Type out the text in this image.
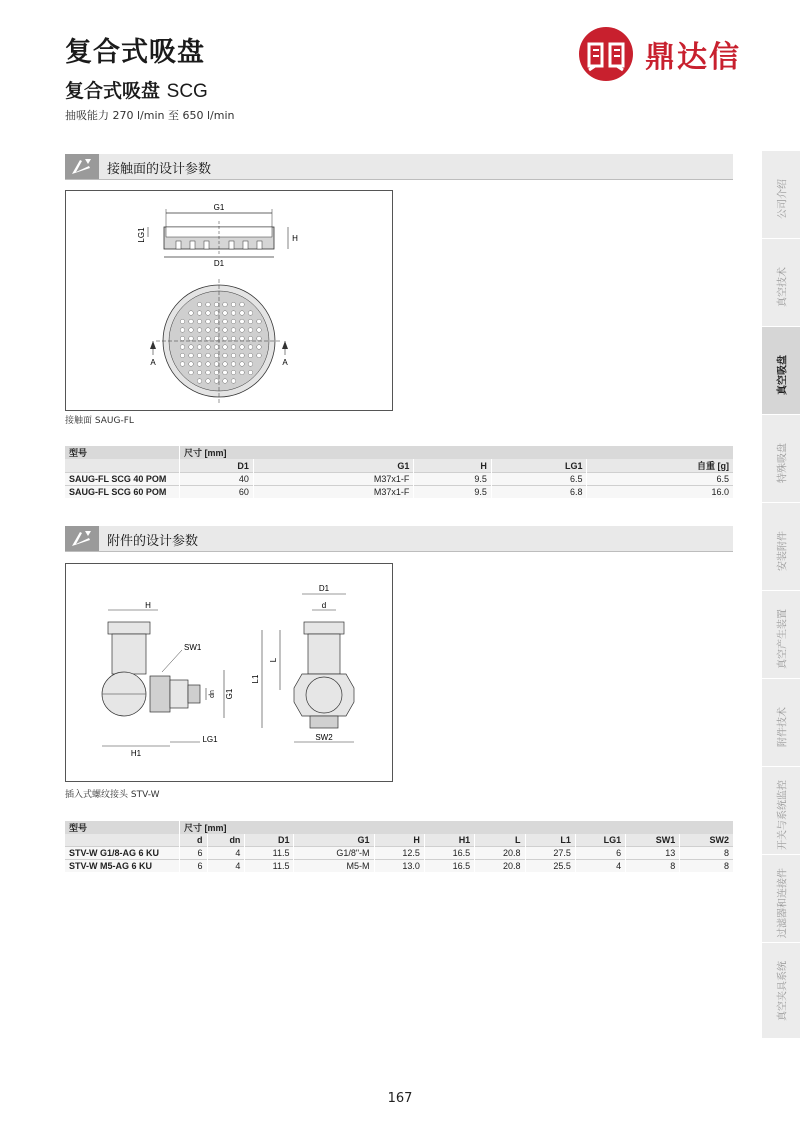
复合式吸盘
复合式吸盘 SCG
抽吸能力 270 l/min 至 650 l/min
鼎达信
接触面的设计参数
G1
LG1	H
D1
A	A
接触面 SAUG-FL
型号	尺寸 [mm]				
	D1	G1	H	LG1	自重 [g]
SAUG-FL SCG 40 POM	40	M37x1-F	9.5	6.5	6.5
SAUG-FL SCG 60 POM	60	M37x1-F	9.5	6.8	16.0
附件的设计参数
H
dn G1
SW1
H1
LG1
D1
d
L1
L
SW2
插入式螺纹接头 STV-W
型号	尺寸 [mm]										
	d	dn	D1	G1	H	H1	L	L1	LG1	SW1	SW2
STV-W G1/8-AG 6 KU	6	4	11.5	G1/8"-M	12.5	16.5	20.8	27.5	6	13	8
STV-W M5-AG 6 KU	6	4	11.5	M5-M	13.0	16.5	20.8	25.5	4	8	8
公司介绍
真空技术
真空吸盘
特殊吸盘
安装附件
真空产生装置
附件技术
开关与系统监控
过滤器和连接件
真空夹具系统
167
